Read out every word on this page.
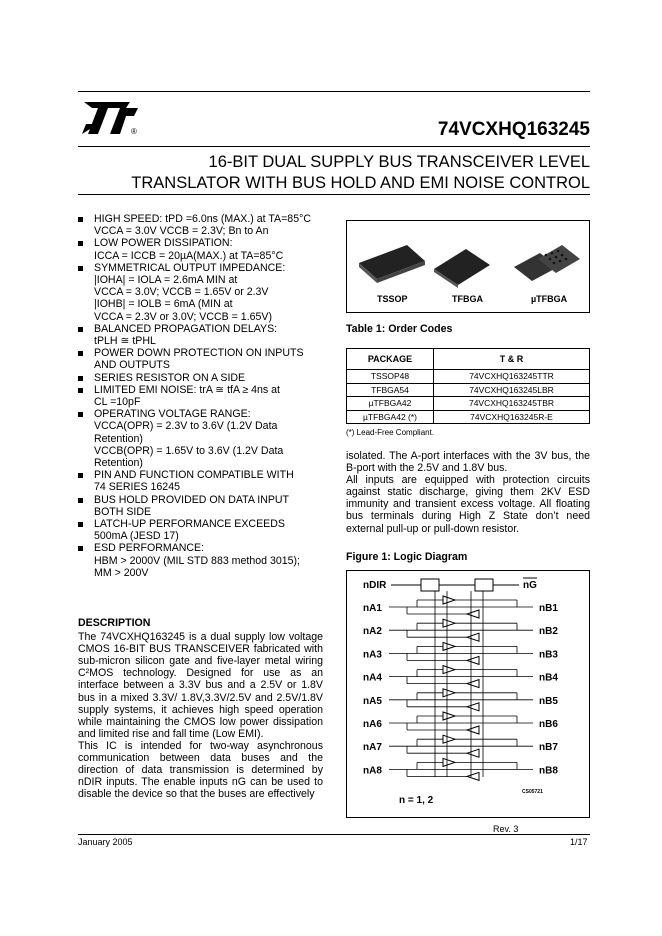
®	74VCXHQ163245
16-BIT DUAL SUPPLY BUS TRANSCEIVER LEVEL
TRANSLATOR WITH BUS HOLD AND EMI NOISE CONTROL
HIGH SPEED: tPD =6.0ns (MAX.) at TA=85°C
VCCA = 3.0V VCCB = 2.3V; Bn to An
LOW POWER DISSIPATION:
ICCA = ICCB = 20µA(MAX.) at TA=85°C
SYMMETRICAL OUTPUT IMPEDANCE:
|IOHA| = IOLA = 2.6mA MIN at
VCCA = 3.0V; VCCB = 1.65V or 2.3V
|IOHB| = IOLB = 6mA (MIN at
VCCA = 2.3V or 3.0V; VCCB = 1.65V)
BALANCED PROPAGATION DELAYS:
tPLH ≅ tPHL
POWER DOWN PROTECTION ON INPUTS
AND OUTPUTS
SERIES RESISTOR ON A SIDE
LIMITED EMI NOISE: trA ≅ tfA ≥ 4ns at
CL =10pF
OPERATING VOLTAGE RANGE:
VCCA(OPR) = 2.3V to 3.6V (1.2V Data
Retention)
VCCB(OPR) = 1.65V to 3.6V (1.2V Data
Retention)
PIN AND FUNCTION COMPATIBLE WITH
74 SERIES 16245
BUS HOLD PROVIDED ON DATA INPUT
BOTH SIDE
LATCH-UP PERFORMANCE EXCEEDS
500mA (JESD 17)
ESD PERFORMANCE:
HBM > 2000V (MIL STD 883 method 3015);
MM > 200V
DESCRIPTION
The 74VCXHQ163245 is a dual supply low voltage CMOS 16-BIT BUS TRANSCEIVER fabricated with sub-micron silicon gate and five-layer metal wiring C²MOS technology. Designed for use as an interface between a 3.3V bus and a 2.5V or 1.8V bus in a mixed 3.3V/ 1.8V,3.3V/2.5V and 2.5V/1.8V supply systems, it achieves high speed operation while maintaining the CMOS low power dissipation and limited rise and fall time (Low EMI).
This IC is intended for two-way asynchronous communication between data buses and the direction of data transmission is determined by nDIR inputs. The enable inputs nG can be used to disable the device so that the buses are effectively
TSSOP	TFBGA	µTFBGA
Table 1: Order Codes
PACKAGE	T & R
TSSOP48	74VCXHQ163245TTR
TFBGA54	74VCXHQ163245LBR
µTFBGA42	74VCXHQ163245TBR
µTFBGA42 (*)	74VCXHQ163245R-E
(*) Lead-Free Compliant.
isolated. The A-port interfaces with the 3V bus, the B-port with the 2.5V and 1.8V bus.
All inputs are equipped with protection circuits against static discharge, giving them 2KV ESD immunity and transient excess voltage. All floating bus terminals during High Z State don’t need external pull-up or pull-down resistor.
Figure 1: Logic Diagram
nDIR	nG
nA1	nB1
nA2	nB2
nA3	nB3
nA4	nB4
nA5	nB5
nA6	nB6
nA7	nB7
nA8	nB8
CS05721
n = 1, 2
Rev. 3
January 2005	1/17
